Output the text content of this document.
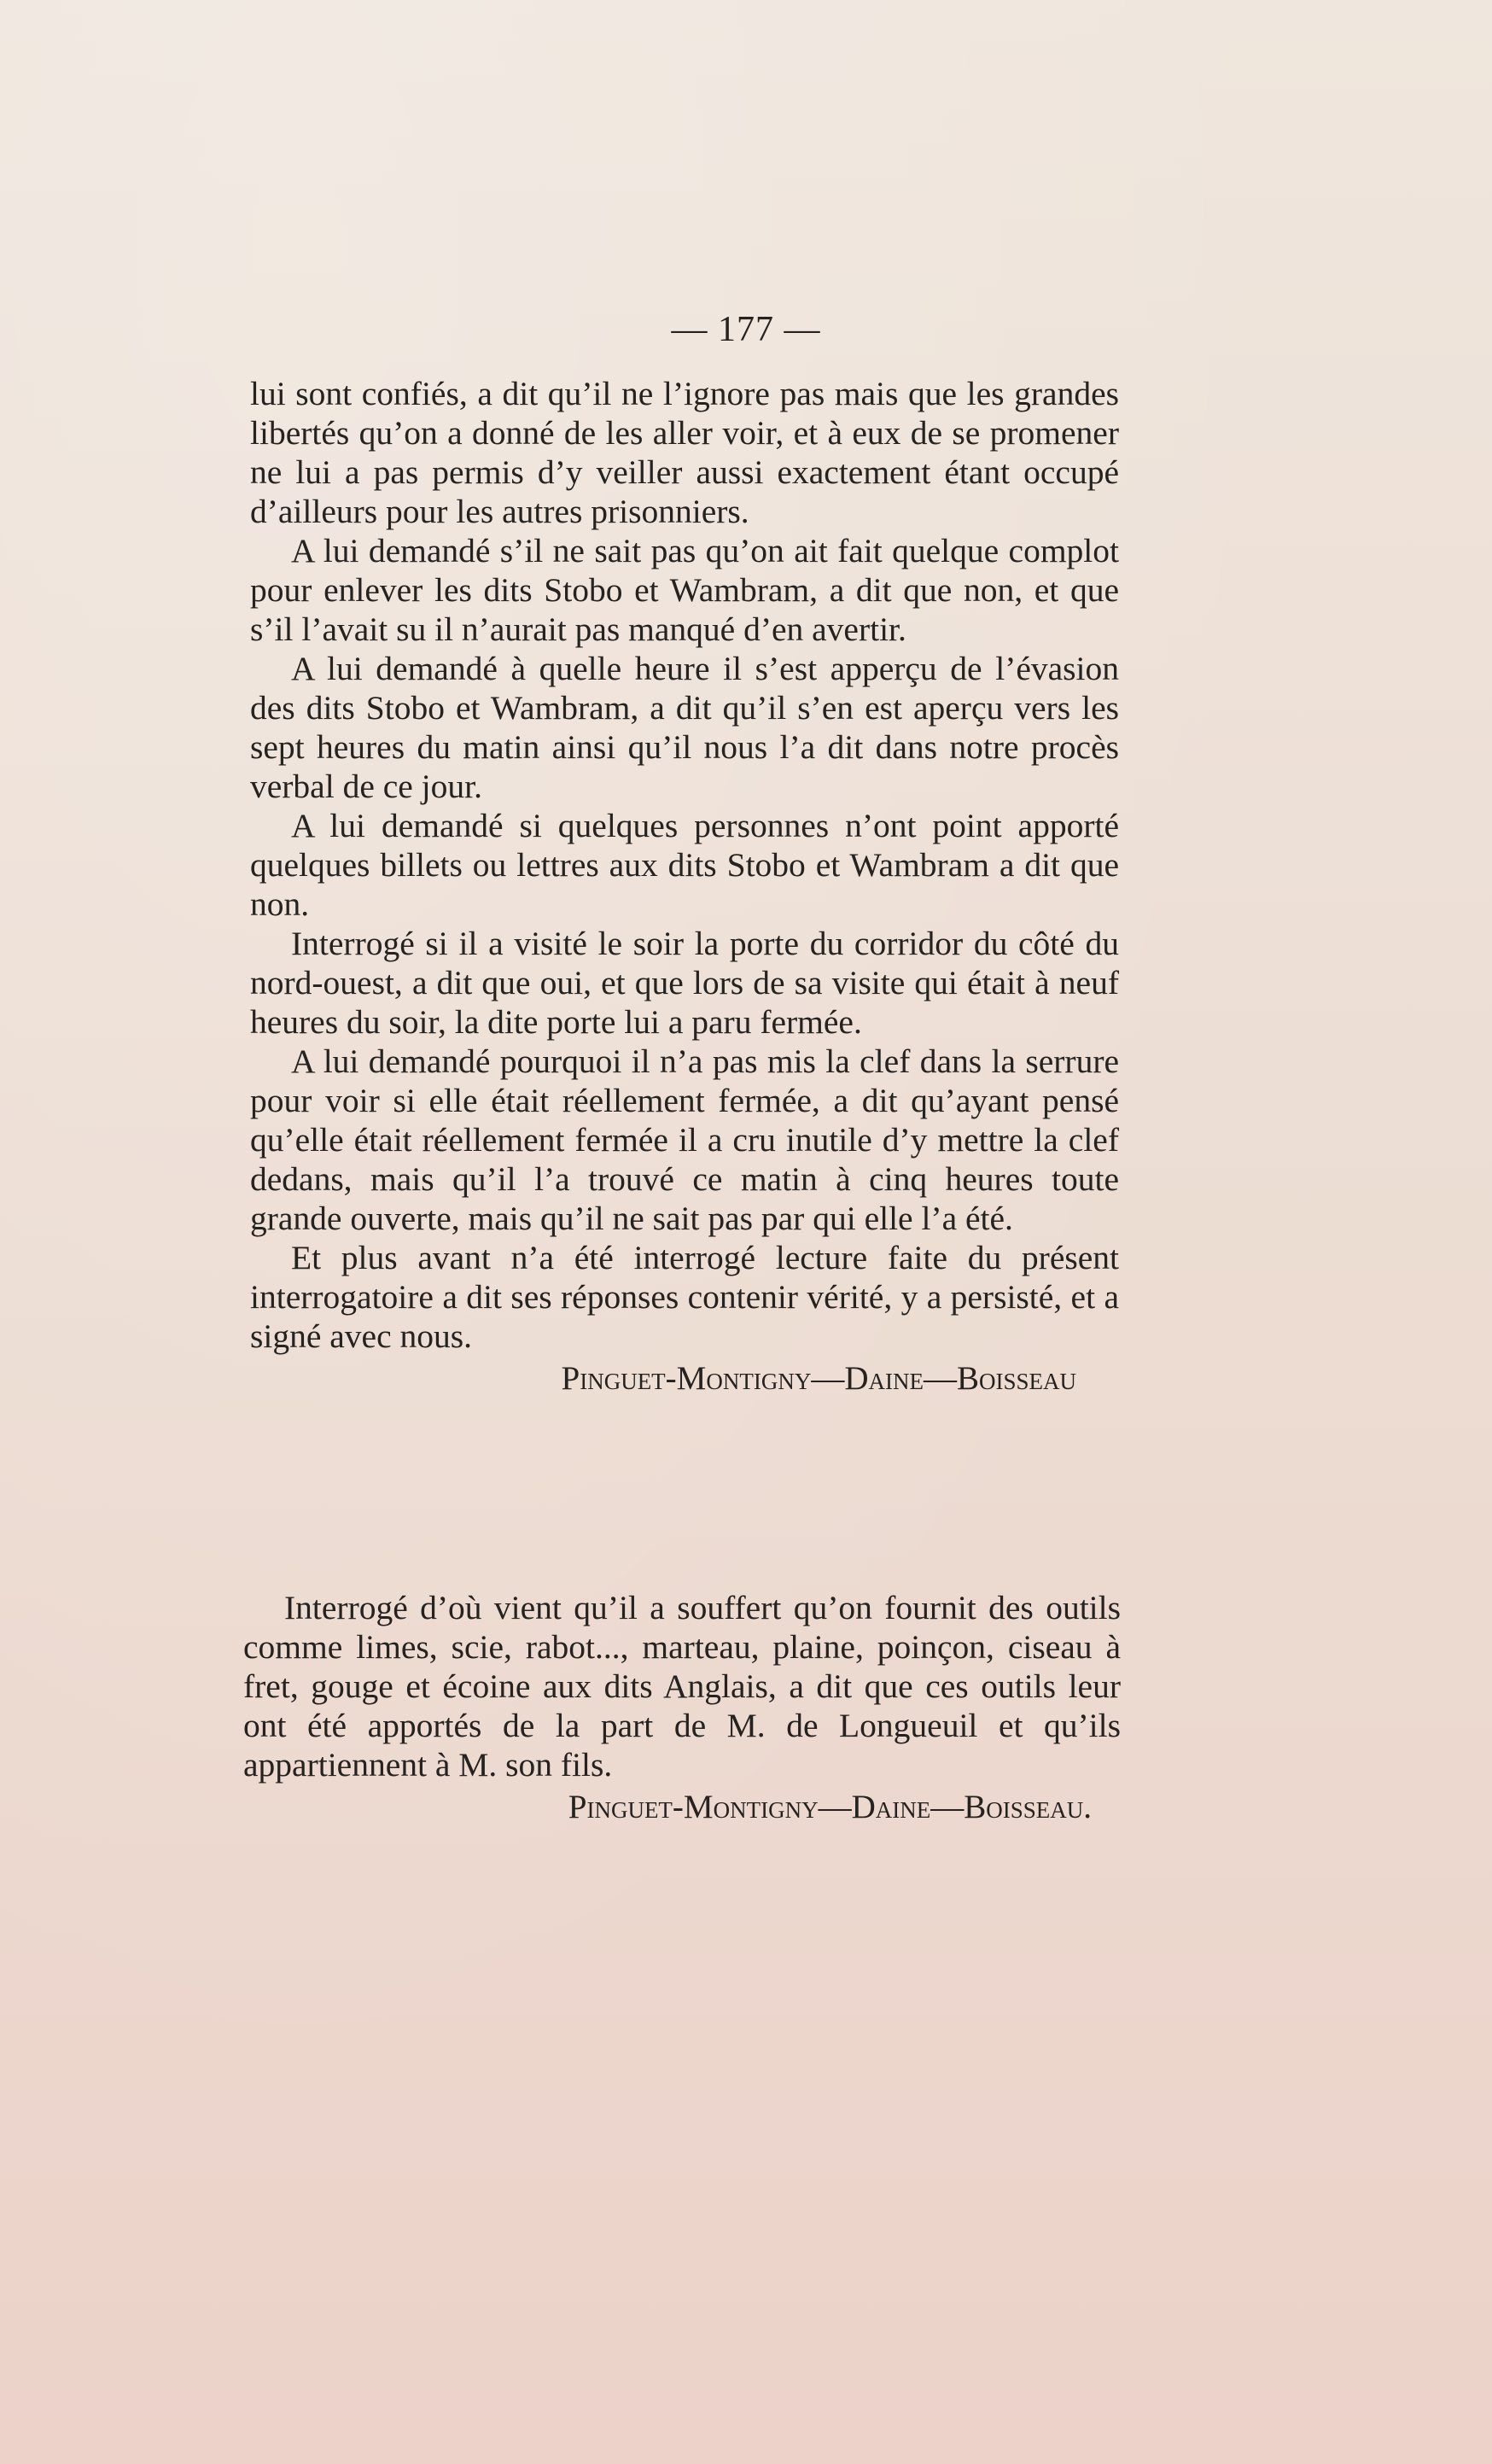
— 177 —

lui sont confiés, a dit qu’il ne l’ignore pas mais que les grandes libertés qu’on a donné de les aller voir, et à eux de se promener ne lui a pas permis d’y veiller aussi exactement étant occupé d’ailleurs pour les autres prisonniers.

A lui demandé s’il ne sait pas qu’on ait fait quelque complot pour enlever les dits Stobo et Wambram, a dit que non, et que s’il l’avait su il n’aurait pas manqué d’en avertir.

A lui demandé à quelle heure il s’est apperçu de l’évasion des dits Stobo et Wambram, a dit qu’il s’en est aperçu vers les sept heures du matin ainsi qu’il nous l’a dit dans notre procès verbal de ce jour.

A lui demandé si quelques personnes n’ont point apporté quelques billets ou lettres aux dits Stobo et Wambram a dit que non.

Interrogé si il a visité le soir la porte du corridor du côté du nord-ouest, a dit que oui, et que lors de sa visite qui était à neuf heures du soir, la dite porte lui a paru fermée.

A lui demandé pourquoi il n’a pas mis la clef dans la serrure pour voir si elle était réellement fermée, a dit qu’ayant pensé qu’elle était réellement fermée il a cru inutile d’y mettre la clef dedans, mais qu’il l’a trouvé ce matin à cinq heures toute grande ouverte, mais qu’il ne sait pas par qui elle l’a été.

Et plus avant n’a été interrogé lecture faite du présent interrogatoire a dit ses réponses contenir vérité, y a persisté, et a signé avec nous.

Pinguet-Montigny—Daine—Boisseau

Interrogé d’où vient qu’il a souffert qu’on fournit des outils comme limes, scie, rabot..., marteau, plaine, poinçon, ciseau à fret, gouge et écoine aux dits Anglais, a dit que ces outils leur ont été apportés de la part de M. de Longueuil et qu’ils appartiennent à M. son fils.

Pinguet-Montigny—Daine—Boisseau.
